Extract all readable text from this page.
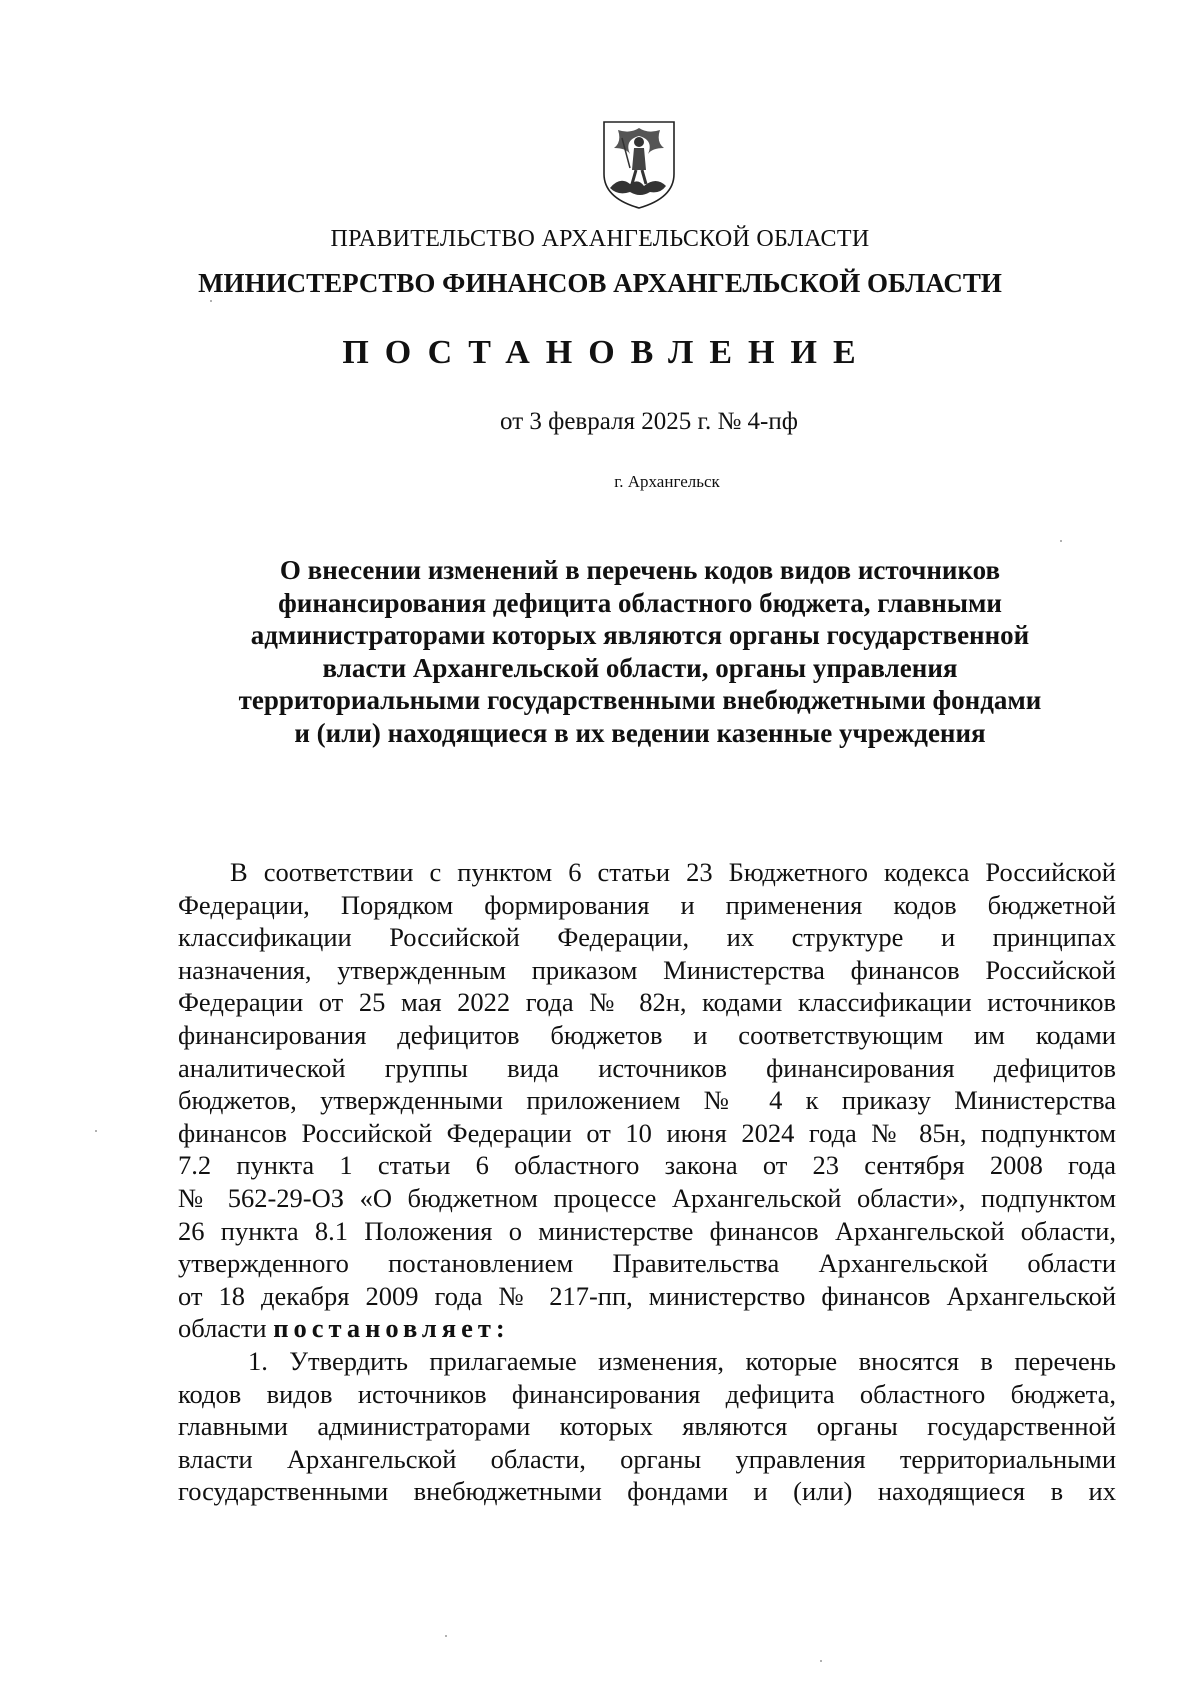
ПРАВИТЕЛЬСТВО АРХАНГЕЛЬСКОЙ ОБЛАСТИ
МИНИСТЕРСТВО ФИНАНСОВ АРХАНГЕЛЬСКОЙ ОБЛАСТИ
ПОСТАНОВЛЕНИЕ
от 3 февраля 2025 г. № 4-пф
г. Архангельск
О внесении изменений в перечень кодов видов источников
финансирования дефицита областного бюджета, главными
администраторами которых являются органы государственной
власти Архангельской области, органы управления
территориальными государственными внебюджетными фондами
и (или) находящиеся в их ведении казенные учреждения
В соответствии с пунктом 6 статьи 23 Бюджетного кодекса Российской
Федерации, Порядком формирования и применения кодов бюджетной
классификации Российской Федерации, их структуре и принципах
назначения, утвержденным приказом Министерства финансов Российской
Федерации от 25 мая 2022 года № 82н, кодами классификации источников
финансирования дефицитов бюджетов и соответствующим им кодами
аналитической группы вида источников финансирования дефицитов
бюджетов, утвержденными приложением № 4 к приказу Министерства
финансов Российской Федерации от 10 июня 2024 года № 85н, подпунктом
7.2 пункта 1 статьи 6 областного закона от 23 сентября 2008 года
№ 562-29-ОЗ «О бюджетном процессе Архангельской области», подпунктом
26 пункта 8.1 Положения о министерстве финансов Архангельской области,
утвержденного постановлением Правительства Архангельской области
от 18 декабря 2009 года № 217-пп, министерство финансов Архангельской
области постановляет:
1. Утвердить прилагаемые изменения, которые вносятся в перечень
кодов видов источников финансирования дефицита областного бюджета,
главными администраторами которых являются органы государственной
власти Архангельской области, органы управления территориальными
государственными внебюджетными фондами и (или) находящиеся в их
